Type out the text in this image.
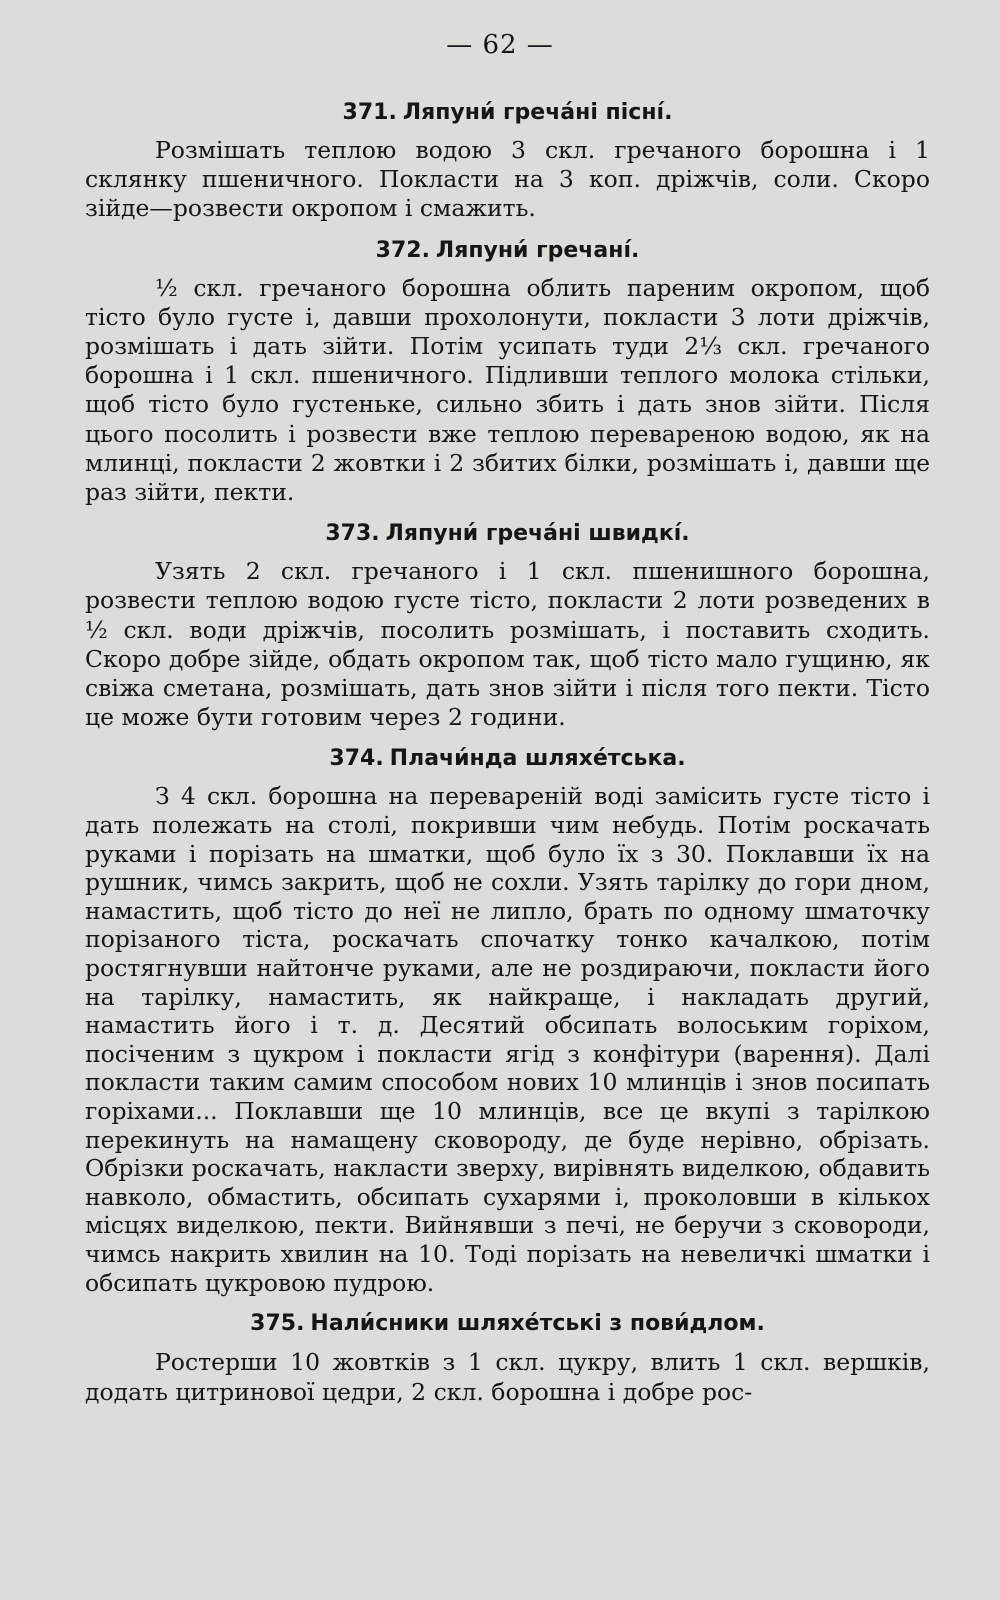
— 62 —
371. Ляпуни́ греча́ні пісні́.

Розмішать теплою водою 3 скл. гречаного борошна і 1 склянку пшеничного. Покласти на 3 коп. дріжчів, соли. Скоро зійде—розвести окропом і смажить.

372. Ляпуни́ гречані́.

½ скл. гречаного борошна облить пареним окропом, щоб тісто було густе і, давши прохолонути, покласти 3 лоти дріжчів, розмішать і дать зійти. Потім усипать туди 2⅓ скл. гречаного борошна і 1 скл. пшеничного. Підливши теплого молока стільки, щоб тісто було густеньке, сильно збить і дать знов зійти. Після цього посолить і розвести вже теплою перевареною водою, як на млинці, покласти 2 жовтки і 2 збитих білки, розмішать і, давши ще раз зійти, пекти.

373. Ляпуни́ греча́ні швидкі́.

Узять 2 скл. гречаного і 1 скл. пшенишного борошна, розвести теплою водою густе тісто, покласти 2 лоти розведених в ½ скл. води дріжчів, посолить розмішать, і поставить сходить. Скоро добре зійде, обдать окропом так, щоб тісто мало гущиню, як свіжа сметана, розмішать, дать знов зійти і після того пекти. Тісто це може бути готовим через 2 години.

374. Плачи́нда шляхе́тська.

З 4 скл. борошна на перевареній воді замісить густе тісто і дать полежать на столі, покривши чим небудь. Потім роскачать руками і порізать на шматки, щоб було їх з 30. Поклавши їх на рушник, чимсь закрить, щоб не сохли. Узять тарілку до гори дном, намастить, щоб тісто до неї не липло, брать по одному шматочку порізаного тіста, роскачать спочатку тонко качалкою, потім ростягнувши найтонче руками, але не роздираючи, покласти його на тарілку, намастить, як найкраще, і накладать другий, намастить його і т. д. Десятий обсипать волоським горіхом, посіченим з цукром і покласти ягід з конфітури (варення). Далі покласти таким самим способом нових 10 млинців і знов посипать горіхами... Поклавши ще 10 млинців, все це вкупі з тарілкою перекинуть на намащену сковороду, де буде нерівно, обрізать. Обрізки роскачать, накласти зверху, вирівнять виделкою, обдавить навколо, обмастить, обсипать сухарями і, проколовши в кількох місцях виделкою, пекти. Вийнявши з печі, не беручи з сковороди, чимсь накрить хвилин на 10. Тоді порізать на невеличкі шматки і обсипать цукровою пудрою.

375. Нали́сники шляхе́тські з пови́длом.

Ростерши 10 жовтків з 1 скл. цукру, влить 1 скл. вершків, додать цитринової цедри, 2 скл. борошна і добре рос-
